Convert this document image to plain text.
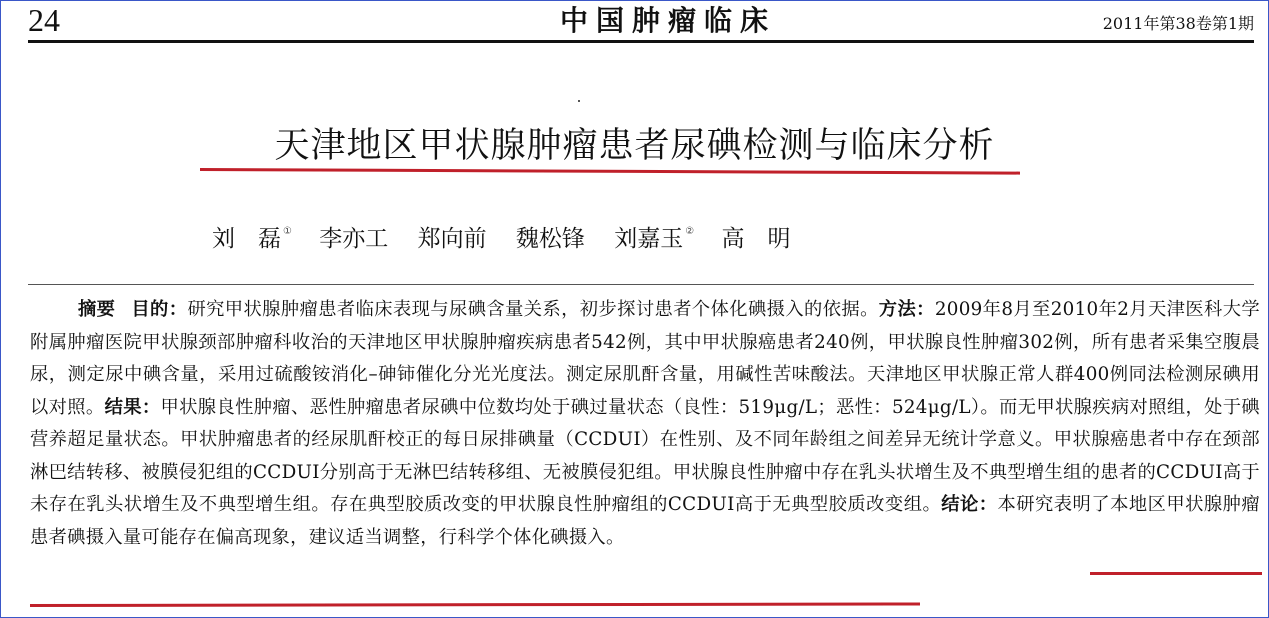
24	中国肿瘤临床	2011年第38卷第1期
天津地区甲状腺肿瘤患者尿碘检测与临床分析
刘　磊 ① 李亦工 郑向前 魏松锋 刘嘉玉 ② 高　明

摘要 目的：研究甲状腺肿瘤患者临床表现与尿碘含量关系，初步探讨患者个体化碘摄入的依据。方法：2009年8月至2010年2月天津医科大学附属肿瘤医院甲状腺颈部肿瘤科收治的天津地区甲状腺肿瘤疾病患者542例，其中甲状腺癌患者240例，甲状腺良性肿瘤302例，所有患者采集空腹晨尿，测定尿中碘含量，采用过硫酸铵消化–砷铈催化分光光度法。测定尿肌酐含量，用碱性苦味酸法。天津地区甲状腺正常人群400例同法检测尿碘用以对照。结果：甲状腺良性肿瘤、恶性肿瘤患者尿碘中位数均处于碘过量状态（良性：519μg/L；恶性：524μg/L）。而无甲状腺疾病对照组，处于碘营养超足量状态。甲状肿瘤患者的经尿肌酐校正的每日尿排碘量（CCDUI）在性别、及不同年龄组之间差异无统计学意义。甲状腺癌患者中存在颈部淋巴结转移、被膜侵犯组的CCDUI分别高于无淋巴结转移组、无被膜侵犯组。甲状腺良性肿瘤中存在乳头状增生及不典型增生组的患者的CCDUI高于未存在乳头状增生及不典型增生组。存在典型胶质改变的甲状腺良性肿瘤组的CCDUI高于无典型胶质改变组。结论：本研究表明了本地区甲状腺肿瘤患者碘摄入量可能存在偏高现象，建议适当调整，行科学个体化碘摄入。
